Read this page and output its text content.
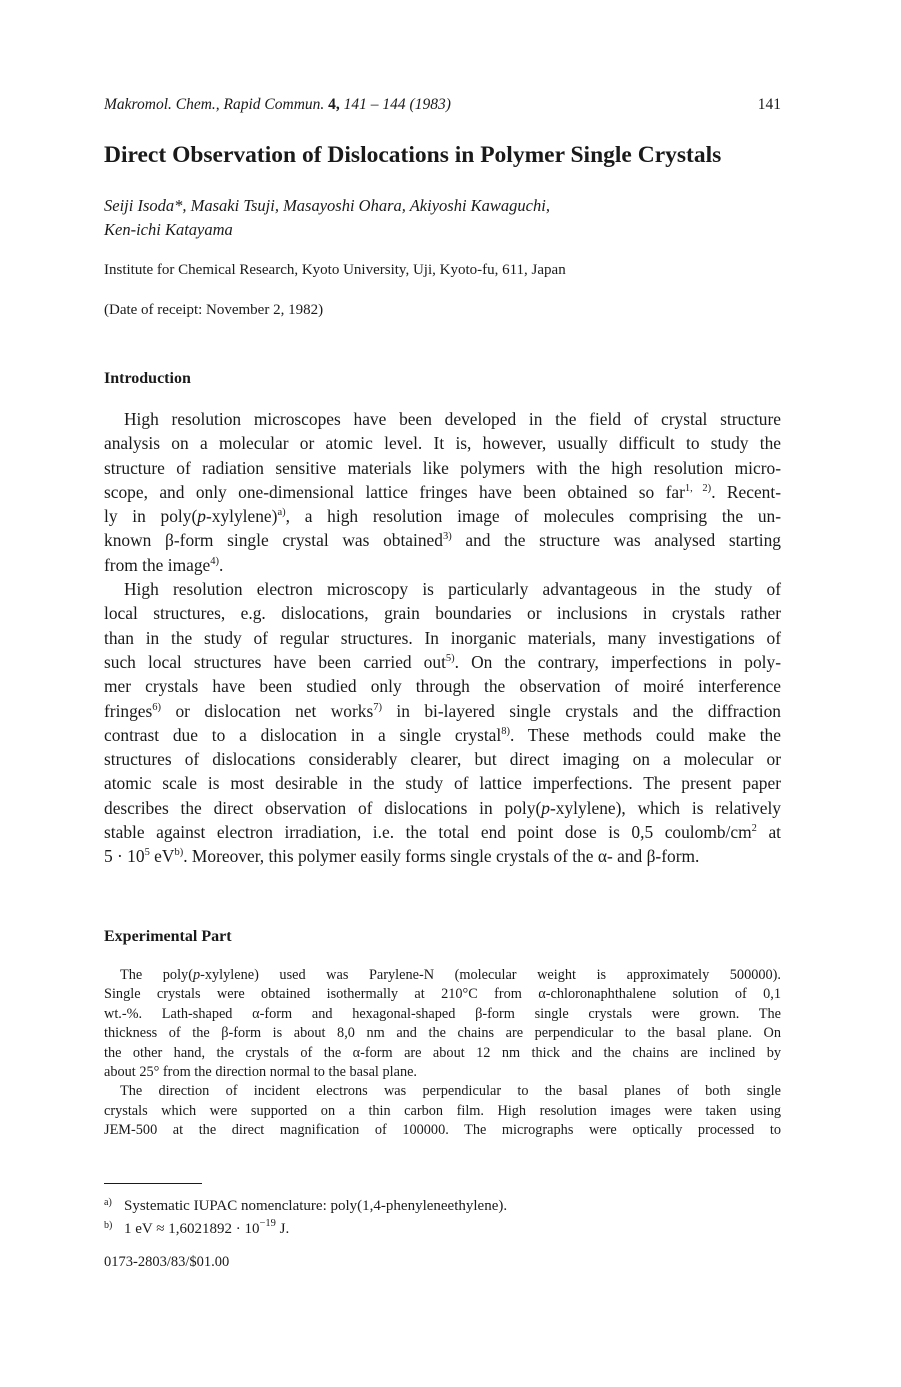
Makromol. Chem., Rapid Commun. 4, 141 – 144 (1983)	141
Direct Observation of Dislocations in Polymer Single Crystals
Seiji Isoda*, Masaki Tsuji, Masayoshi Ohara, Akiyoshi Kawaguchi,
Ken-ichi Katayama
Institute for Chemical Research, Kyoto University, Uji, Kyoto-fu, 611, Japan
(Date of receipt: November 2, 1982)
Introduction
High resolution microscopes have been developed in the field of crystal structure
analysis on a molecular or atomic level. It is, however, usually difficult to study the
structure of radiation sensitive materials like polymers with the high resolution micro-
scope, and only one-dimensional lattice fringes have been obtained so far$^{1, 2)}$. Recent-
ly in poly(p-xylylene)$^{a)}$, a high resolution image of molecules comprising the un-
known β-form single crystal was obtained$^{3)}$ and the structure was analysed starting
from the image$^{4)}$.
High resolution electron microscopy is particularly advantageous in the study of
local structures, e.g. dislocations, grain boundaries or inclusions in crystals rather
than in the study of regular structures. In inorganic materials, many investigations of
such local structures have been carried out$^{5)}$. On the contrary, imperfections in poly-
mer crystals have been studied only through the observation of moiré interference
fringes$^{6)}$ or dislocation net works$^{7)}$ in bi-layered single crystals and the diffraction
contrast due to a dislocation in a single crystal$^{8)}$. These methods could make the
structures of dislocations considerably clearer, but direct imaging on a molecular or
atomic scale is most desirable in the study of lattice imperfections. The present paper
describes the direct observation of dislocations in poly(p-xylylene), which is relatively
stable against electron irradiation, i.e. the total end point dose is 0,5 coulomb/$cm^2$ at
$5 \cdot 10^5$ $eV^{b)}$. Moreover, this polymer easily forms single crystals of the α- and β-form.
Experimental Part
The poly(p-xylylene) used was Parylene-N (molecular weight is approximately 500000).
Single crystals were obtained isothermally at 210°C from α-chloronaphthalene solution of 0,1
wt.-%. Lath-shaped α-form and hexagonal-shaped β-form single crystals were grown. The
thickness of the β-form is about 8,0 nm and the chains are perpendicular to the basal plane. On
the other hand, the crystals of the α-form are about 12 nm thick and the chains are inclined by
about 25° from the direction normal to the basal plane.
The direction of incident electrons was perpendicular to the basal planes of both single
crystals which were supported on a thin carbon film. High resolution images were taken using
JEM-500 at the direct magnification of 100000. The micrographs were optically processed to
a) Systematic IUPAC nomenclature: poly(1,4-phenyleneethylene).
b) 1 eV ≈ $1,6021892 \cdot 10^{-19}$ J.
0173-2803/83/$01.00
